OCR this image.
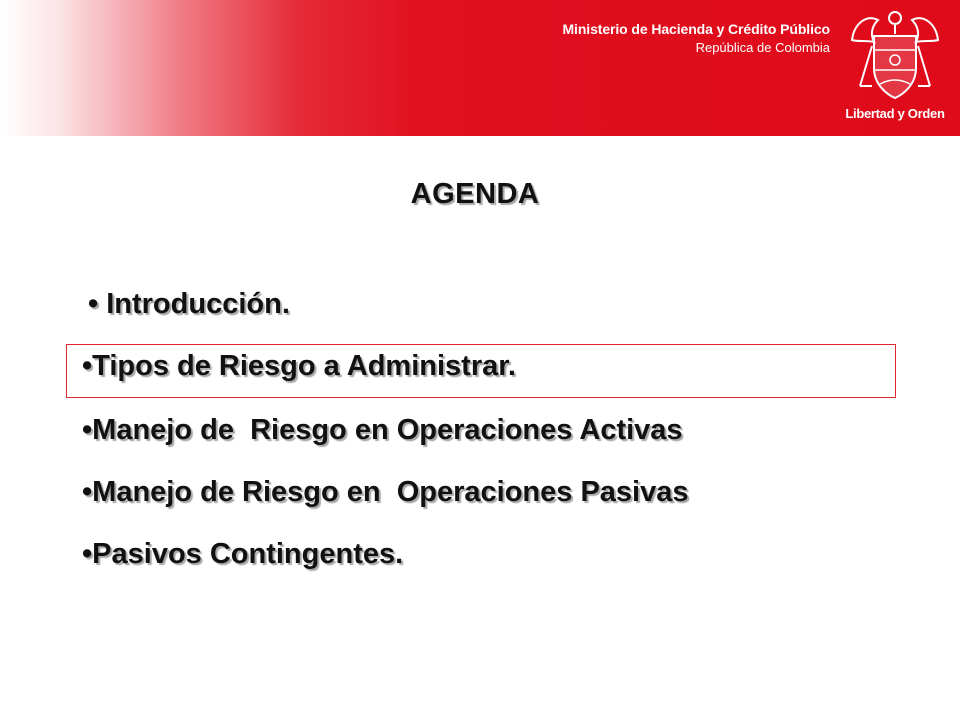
Ministerio de Hacienda y Crédito Público
República de Colombia
Libertad y Orden
AGENDA
• Introducción.
•Tipos de Riesgo a Administrar.
•Manejo de  Riesgo en Operaciones Activas
•Manejo de Riesgo en  Operaciones Pasivas
•Pasivos Contingentes.
